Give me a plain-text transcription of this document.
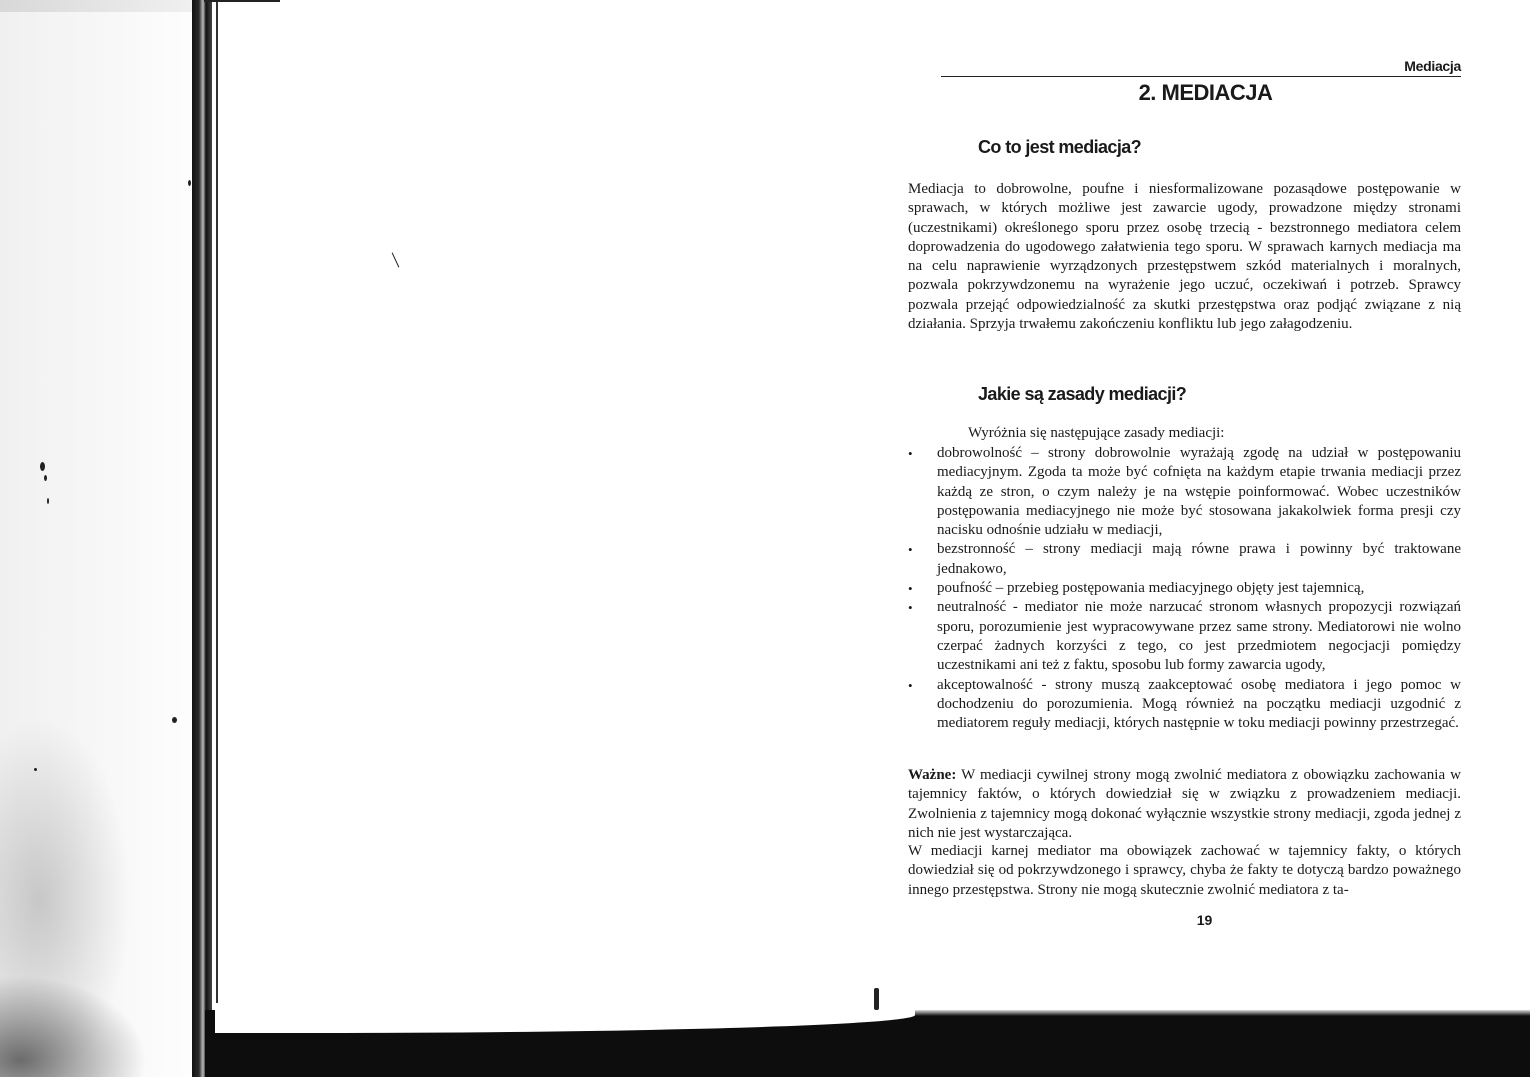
Mediacja
2. MEDIACJA
Co to jest mediacja?

Mediacja to dobrowolne, poufne i niesformalizowane pozasądowe postępowanie w sprawach, w których możliwe jest zawarcie ugody, prowadzone między stronami (uczestnikami) określonego sporu przez osobę trzecią - bezstronnego mediatora celem doprowadzenia do ugodowego załatwienia tego sporu. W sprawach karnych mediacja ma na celu naprawienie wyrządzonych przestępstwem szkód materialnych i moralnych, pozwala pokrzywdzonemu na wyrażenie jego uczuć, oczekiwań i potrzeb. Sprawcy pozwala przejąć odpowiedzialność za skutki przestępstwa oraz podjąć związane z nią działania. Sprzyja trwałemu zakończeniu konfliktu lub jego załagodzeniu.

Jakie są zasady mediacji?

Wyróżnia się następujące zasady mediacji:

•	dobrowolność – strony dobrowolnie wyrażają zgodę na udział w postępowaniu mediacyjnym. Zgoda ta może być cofnięta na każdym etapie trwania mediacji przez każdą ze stron, o czym należy je na wstępie poinformować. Wobec uczestników postępowania mediacyjnego nie może być stosowana jakakolwiek forma presji czy nacisku odnośnie udziału w mediacji,
•	bezstronność – strony mediacji mają równe prawa i powinny być traktowane jednakowo,
•	poufność – przebieg postępowania mediacyjnego objęty jest tajemnicą,
•	neutralność - mediator nie może narzucać stronom własnych propozycji rozwiązań sporu, porozumienie jest wypracowywane przez same strony. Mediatorowi nie wolno czerpać żadnych korzyści z tego, co jest przedmiotem negocjacji pomiędzy uczestnikami ani też z faktu, sposobu lub formy zawarcia ugody,
•	akceptowalność - strony muszą zaakceptować osobę mediatora i jego pomoc w dochodzeniu do porozumienia. Mogą również na początku mediacji uzgodnić z mediatorem reguły mediacji, których następnie w toku mediacji powinny przestrzegać.

Ważne: W mediacji cywilnej strony mogą zwolnić mediatora z obowiązku zachowania w tajemnicy faktów, o których dowiedział się w związku z prowadzeniem mediacji. Zwolnienia z tajemnicy mogą dokonać wyłącznie wszystkie strony mediacji, zgoda jednej z nich nie jest wystarczająca.

W mediacji karnej mediator ma obowiązek zachować w tajemnicy fakty, o których dowiedział się od pokrzywdzonego i sprawcy, chyba że fakty te dotyczą bardzo poważnego innego przestępstwa. Strony nie mogą skutecznie zwolnić mediatora z ta-

19
